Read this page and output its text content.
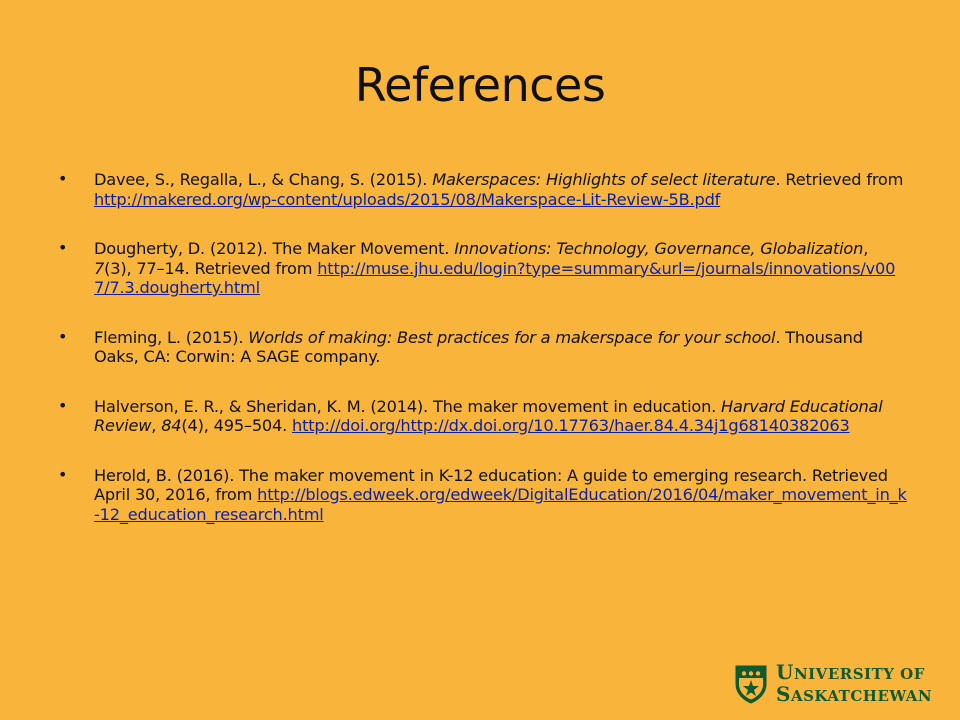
References
• Davee, S., Regalla, L., & Chang, S. (2015). Makerspaces: Highlights of select literature. Retrieved from http://makered.org/wp-content/uploads/2015/08/Makerspace-Lit-Review-5B.pdf
• Dougherty, D. (2012). The Maker Movement. Innovations: Technology, Governance, Globalization, 7(3), 77–14. Retrieved from http://muse.jhu.edu/login?type=summary&url=/journals/innovations/v007/7.3.dougherty.html
• Fleming, L. (2015). Worlds of making: Best practices for a makerspace for your school. Thousand Oaks, CA: Corwin: A SAGE company.
• Halverson, E. R., & Sheridan, K. M. (2014). The maker movement in education. Harvard Educational Review, 84(4), 495–504. http://doi.org/http://dx.doi.org/10.17763/haer.84.4.34j1g68140382063
• Herold, B. (2016). The maker movement in K-12 education: A guide to emerging research. Retrieved April 30, 2016, from http://blogs.edweek.org/edweek/DigitalEducation/2016/04/maker_movement_in_k-12_education_research.html
UNIVERSITY OF
SASKATCHEWAN
